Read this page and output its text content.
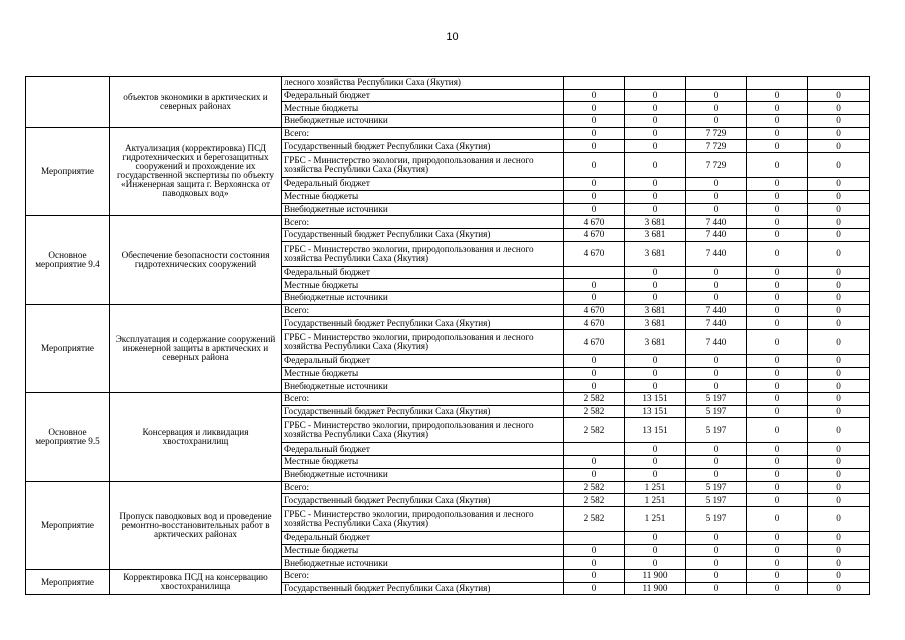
10
	объектов экономики в арктических и северных районах	лесного хозяйства Республики Саха (Якутия)					
		Федеральный бюджет	0	0	0	0	0
		Местные бюджеты	0	0	0	0	0
		Внебюджетные источники	0	0	0	0	0
Мероприятие	Актуализация (корректировка) ПСД гидротехнических и берегозащитных сооружений и прохождение их государственной экспертизы по объекту «Инженерная защита г. Верхоянска от паводковых вод»	Всего:	0	0	7 729	0	0
		Государственный бюджет Республики Саха (Якутия)	0	0	7 729	0	0
		ГРБС - Министерство экологии, природопользования и лесного хозяйства Республики Саха (Якутия)	0	0	7 729	0	0
		Федеральный бюджет	0	0	0	0	0
		Местные бюджеты	0	0	0	0	0
		Внебюджетные источники	0	0	0	0	0
Основное мероприятие 9.4	Обеспечение безопасности состояния гидротехнических сооружений	Всего:	4 670	3 681	7 440	0	0
		Государственный бюджет Республики Саха (Якутия)	4 670	3 681	7 440	0	0
		ГРБС - Министерство экологии, природопользования и лесного хозяйства Республики Саха (Якутия)	4 670	3 681	7 440	0	0
		Федеральный бюджет		0	0	0	0
		Местные бюджеты	0	0	0	0	0
		Внебюджетные источники	0	0	0	0	0
Мероприятие	Эксплуатация и содержание сооружений инженерной защиты в арктических и северных района	Всего:	4 670	3 681	7 440	0	0
		Государственный бюджет Республики Саха (Якутия)	4 670	3 681	7 440	0	0
		ГРБС - Министерство экологии, природопользования и лесного хозяйства Республики Саха (Якутия)	4 670	3 681	7 440	0	0
		Федеральный бюджет	0	0	0	0	0
		Местные бюджеты	0	0	0	0	0
		Внебюджетные источники	0	0	0	0	0
Основное мероприятие 9.5	Консервация и ликвидация хвостохранилищ	Всего:	2 582	13 151	5 197	0	0
		Государственный бюджет Республики Саха (Якутия)	2 582	13 151	5 197	0	0
		ГРБС - Министерство экологии, природопользования и лесного хозяйства Республики Саха (Якутия)	2 582	13 151	5 197	0	0
		Федеральный бюджет		0	0	0	0
		Местные бюджеты	0	0	0	0	0
		Внебюджетные источники	0	0	0	0	0
Мероприятие	Пропуск паводковых вод и проведение ремонтно-восстановительных работ в арктических районах	Всего:	2 582	1 251	5 197	0	0
		Государственный бюджет Республики Саха (Якутия)	2 582	1 251	5 197	0	0
		ГРБС - Министерство экологии, природопользования и лесного хозяйства Республики Саха (Якутия)	2 582	1 251	5 197	0	0
		Федеральный бюджет		0	0	0	0
		Местные бюджеты	0	0	0	0	0
		Внебюджетные источники	0	0	0	0	0
Мероприятие	Корректировка ПСД на консервацию хвостохранилища	Всего:	0	11 900	0	0	0
		Государственный бюджет Республики Саха (Якутия)	0	11 900	0	0	0
